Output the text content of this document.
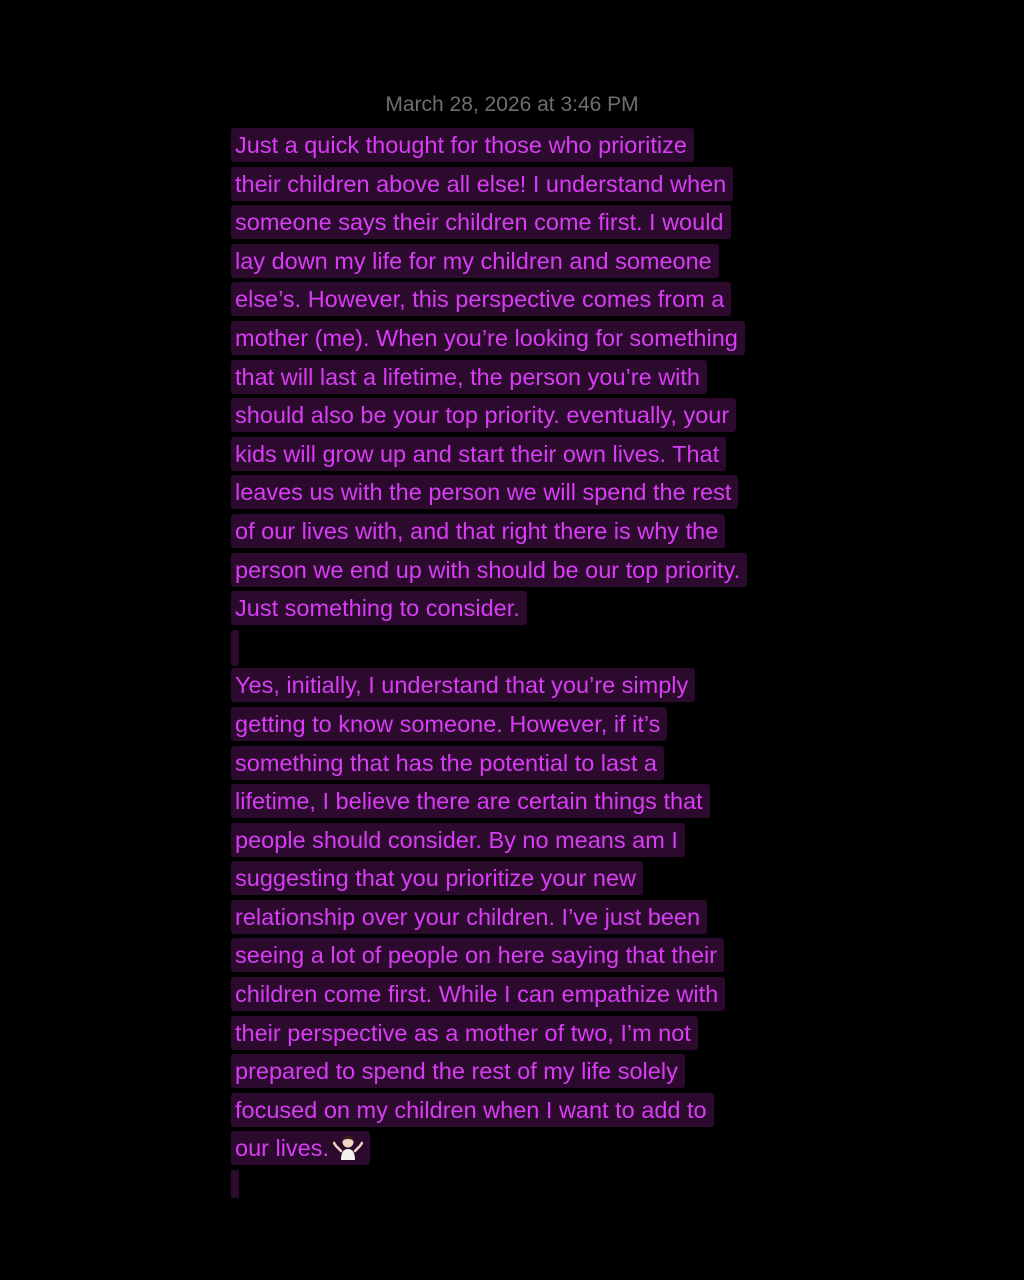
March 28, 2026 at 3:46 PM
Just a quick thought for those who prioritize
their children above all else! I understand when
someone says their children come first. I would
lay down my life for my children and someone
else’s. However, this perspective comes from a
mother (me). When you’re looking for something
that will last a lifetime, the person you’re with
should also be your top priority. eventually, your
kids will grow up and start their own lives. That
leaves us with the person we will spend the rest
of our lives with, and that right there is why the
person we end up with should be our top priority.
Just something to consider.
Yes, initially, I understand that you’re simply
getting to know someone. However, if it’s
something that has the potential to last a
lifetime, I believe there are certain things that
people should consider. By no means am I
suggesting that you prioritize your new
relationship over your children. I’ve just been
seeing a lot of people on here saying that their
children come first. While I can empathize with
their perspective as a mother of two, I’m not
prepared to spend the rest of my life solely
focused on my children when I want to add to
our lives.
